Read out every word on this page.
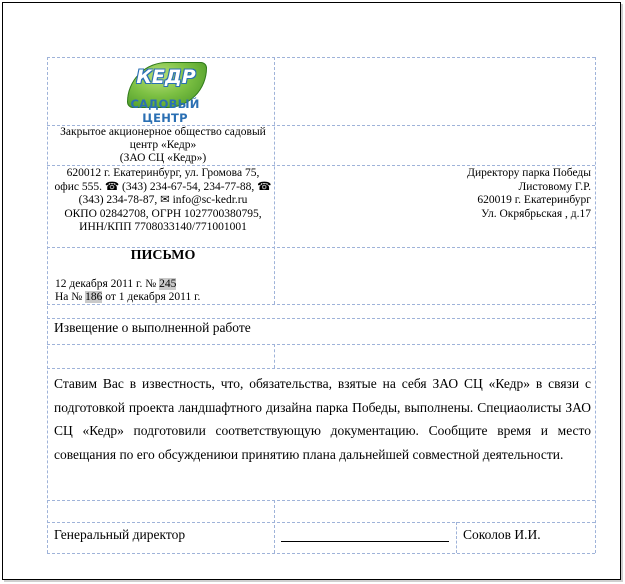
КЕДР
САДОВЫЙ ЦЕНТР
Закрытое акционерное общество садовый
центр «Кедр»
(ЗАО СЦ «Кедр»)
620012 г. Екатеринбург, ул. Громова 75,
офис 555. ☎ (343) 234-67-54, 234-77-88, ☎
(343) 234-78-87, ✉ info@sc-kedr.ru
ОКПО 02842708, ОГРН 1027700380795,
ИНН/КПП 7708033140/771001001
Директору парка Победы
Листовому Г.Р.
620019 г. Екатеринбург
Ул. Окрябрьская , д.17
ПИСЬМО
12 декабря 2011 г. № 245
На № 186 от 1 декабря 2011 г.
Извещение о выполненной работе

Ставим Вас в известность, что, обязательства, взятые на себя ЗАО СЦ «Кедр» в связи с подготовкой проекта ландшафтного дизайна парка Победы, выполнены. Специаолисты ЗАО СЦ «Кедр» подготовили соответствующую документацию. Сообщите время и место совещания по его обсуждениюи принятию плана дальнейшей совместной деятельности.

Генеральный директор	Соколов И.И.
